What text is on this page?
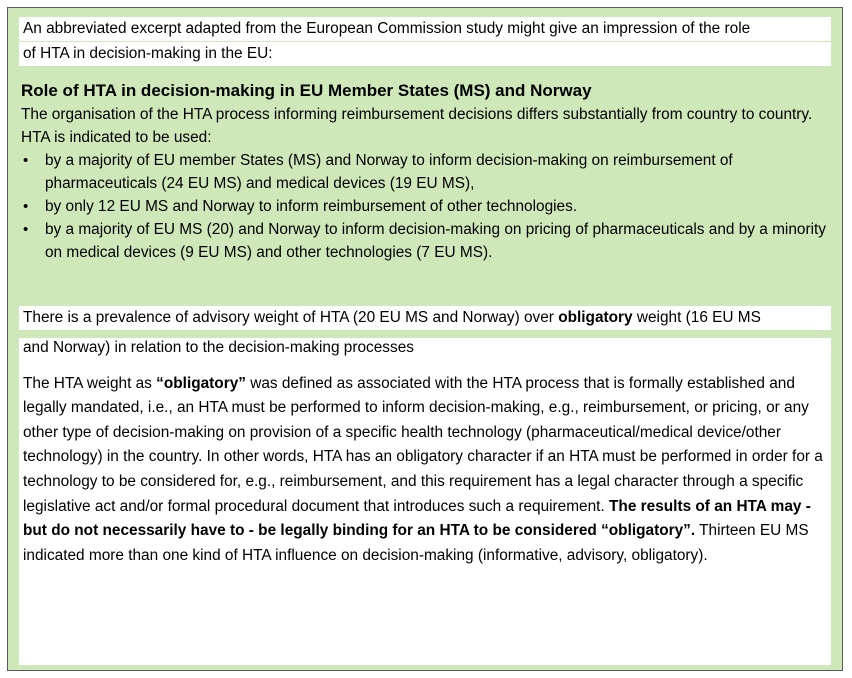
An abbreviated excerpt adapted from the European Commission study might give an impression of the role
of HTA in decision-making in the EU:
Role of HTA in decision-making in EU Member States (MS) and Norway
The organisation of the HTA process informing reimbursement decisions differs substantially from country to country.
HTA is indicated to be used:
• by a majority of EU member States (MS) and Norway to inform decision-making on reimbursement of pharmaceuticals (24 EU MS) and medical devices (19 EU MS),
• by only 12 EU MS and Norway to inform reimbursement of other technologies.
• by a majority of EU MS (20) and Norway to inform decision-making on pricing of pharmaceuticals and by a minority on medical devices (9 EU MS) and other technologies (7 EU MS).
There is a prevalence of advisory weight of HTA (20 EU MS and Norway) over obligatory weight (16 EU MS
and Norway) in relation to the decision-making processes
The HTA weight as “obligatory” was defined as associated with the HTA process that is formally established and legally mandated, i.e., an HTA must be performed to inform decision-making, e.g., reimbursement, or pricing, or any other type of decision-making on provision of a specific health technology (pharmaceutical/medical device/other technology) in the country. In other words, HTA has an obligatory character if an HTA must be performed in order for a technology to be considered for, e.g., reimbursement, and this requirement has a legal character through a specific legislative act and/or formal procedural document that introduces such a requirement. The results of an HTA may - but do not necessarily have to - be legally binding for an HTA to be considered “obligatory”. Thirteen EU MS indicated more than one kind of HTA influence on decision-making (informative, advisory, obligatory).
